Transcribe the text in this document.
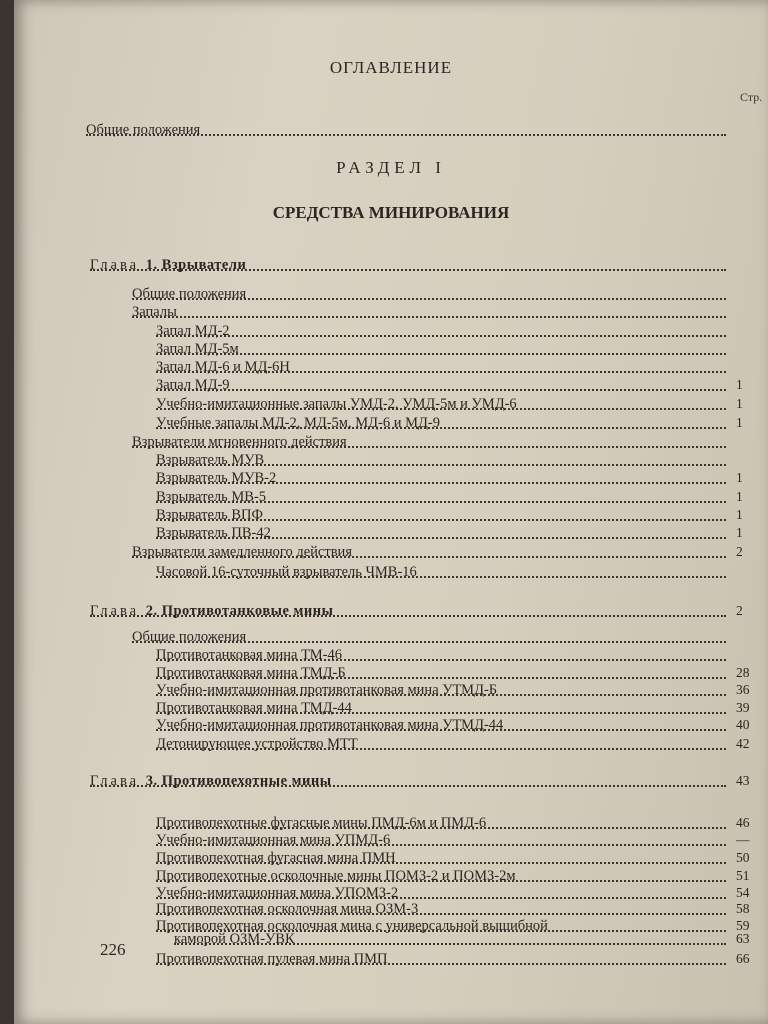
ОГЛАВЛЕНИЕ
Стр.
Общие положения
РАЗДЕЛ I
СРЕДСТВА МИНИРОВАНИЯ
Глава 1. Взрыватели
Общие положения
Запалы
Запал МД-2
Запал МД-5м
Запал МД-6 и МД-6Н
Запал МД-9	1
Учебно-имитационные запалы УМД-2, УМД-5м и УМД-6	1
Учебные запалы МД-2, МД-5м, МД-6 и МД-9	1
Взрыватели мгновенного действия
Взрыватель МУВ
Взрыватель МУВ-2	1
Взрыватель МВ-5	1
Взрыватель ВПФ	1
Взрыватель ПВ-42	1
Взрыватели замедленного действия	2
Часовой 16-суточный взрыватель ЧМВ-16
Глава 2. Противотанковые мины	2
Общие положения
Противотанковая мина ТМ-46
Противотанковая мина ТМД-Б	28
Учебно-имитационная противотанковая мина УТМД-Б	36
Противотанковая мина ТМД-44	39
Учебно-имитационная противотанковая мина УТМД-44	40
Детонирующее устройство МТТ	42
Глава 3. Противопехотные мины	43
Противопехотные фугасные мины ПМД-6м и ПМД-6	46
Учебно-имитационная мина УПМД-6	—
Противопехотная фугасная мина ПМН	50
Противопехотные осколочные мины ПОМЗ-2 и ПОМЗ-2м	51
Учебно-имитационная мина УПОМЗ-2	54
Противопехотная осколочная мина ОЗМ-3	58
Противопехотная осколочная мина с универсальной вышибной	59
каморой ОЗМ-УВК	63
Противопехотная пулевая мина ПМП	66
226
